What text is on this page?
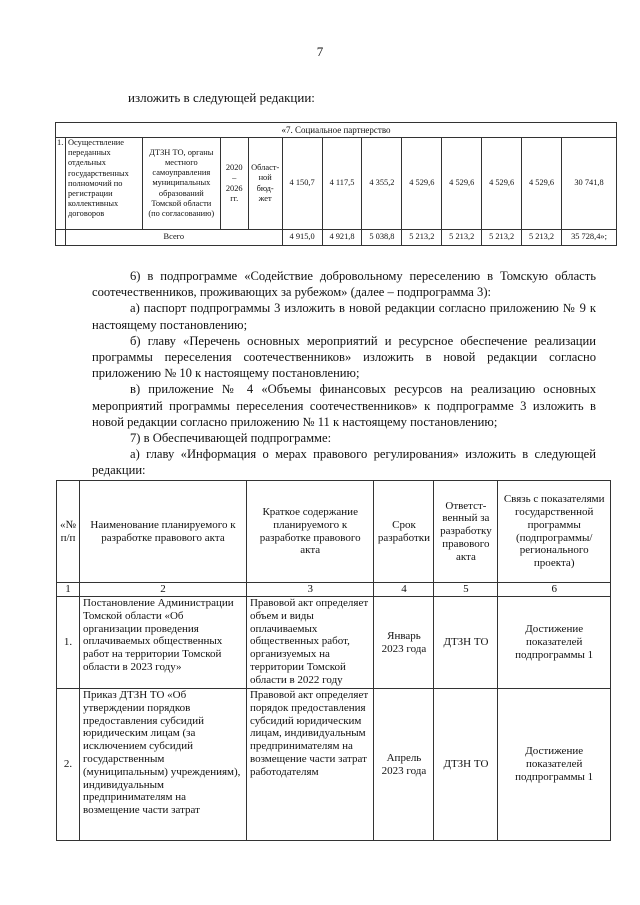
7
изложить в следующей редакции:
«7. Социальное партнерство												
1.	Осуществление переданных отдельных государственных полномочий по регистрации коллективных договоров	ДТЗН ТО, органы местного самоуправления муниципальных образований Томской области (по согласованию)	2020 – 2026 гг.	Област-ной бюд-жет	4 150,7	4 117,5	4 355,2	4 529,6	4 529,6	4 529,6	4 529,6	30 741,8
	Всего				4 915,0	4 921,8	5 038,8	5 213,2	5 213,2	5 213,2	5 213,2	35 728,4»;

6) в подпрограмме «Содействие добровольному переселению в Томскую область соотечественников, проживающих за рубежом» (далее – подпрограмма 3):

а) паспорт подпрограммы 3 изложить в новой редакции согласно приложению № 9 к настоящему постановлению;

б) главу «Перечень основных мероприятий и ресурсное обеспечение реализации программы переселения соотечественников» изложить в новой редакции согласно приложению № 10 к настоящему постановлению;

в) приложение № 4 «Объемы финансовых ресурсов на реализацию основных мероприятий программы переселения соотечественников» к подпрограмме 3 изложить в новой редакции согласно приложению № 11 к настоящему постановлению;

7) в Обеспечивающей подпрограмме:

а) главу «Информация о мерах правового регулирования» изложить в следующей редакции:

«№ п/п	Наименование планируемого к разработке правового акта	Краткое содержание планируемого к разработке правового акта	Срок разработки	Ответст-венный за разработку правового акта	Связь с показателями государственной программы (подпрограммы/ регионального проекта)
1	2	3	4	5	6
1.	Постановление Администрации Томской области «Об организации проведения оплачиваемых общественных работ на территории Томской области в 2023 году»	Правовой акт определяет объем и виды оплачиваемых общественных работ, организуемых на территории Томской области в 2022 году	Январь 2023 года	ДТЗН ТО	Достижение показателей подпрограммы 1
2.	Приказ ДТЗН ТО «Об утверждении порядков предоставления субсидий юридическим лицам (за исключением субсидий государственным (муниципальным) учреждениям), индивидуальным предпринимателям на возмещение части затрат	Правовой акт определяет порядок предоставления субсидий юридическим лицам, индивидуальным предпринимателям на возмещение части затрат работодателям	Апрель 2023 года	ДТЗН ТО	Достижение показателей подпрограммы 1
